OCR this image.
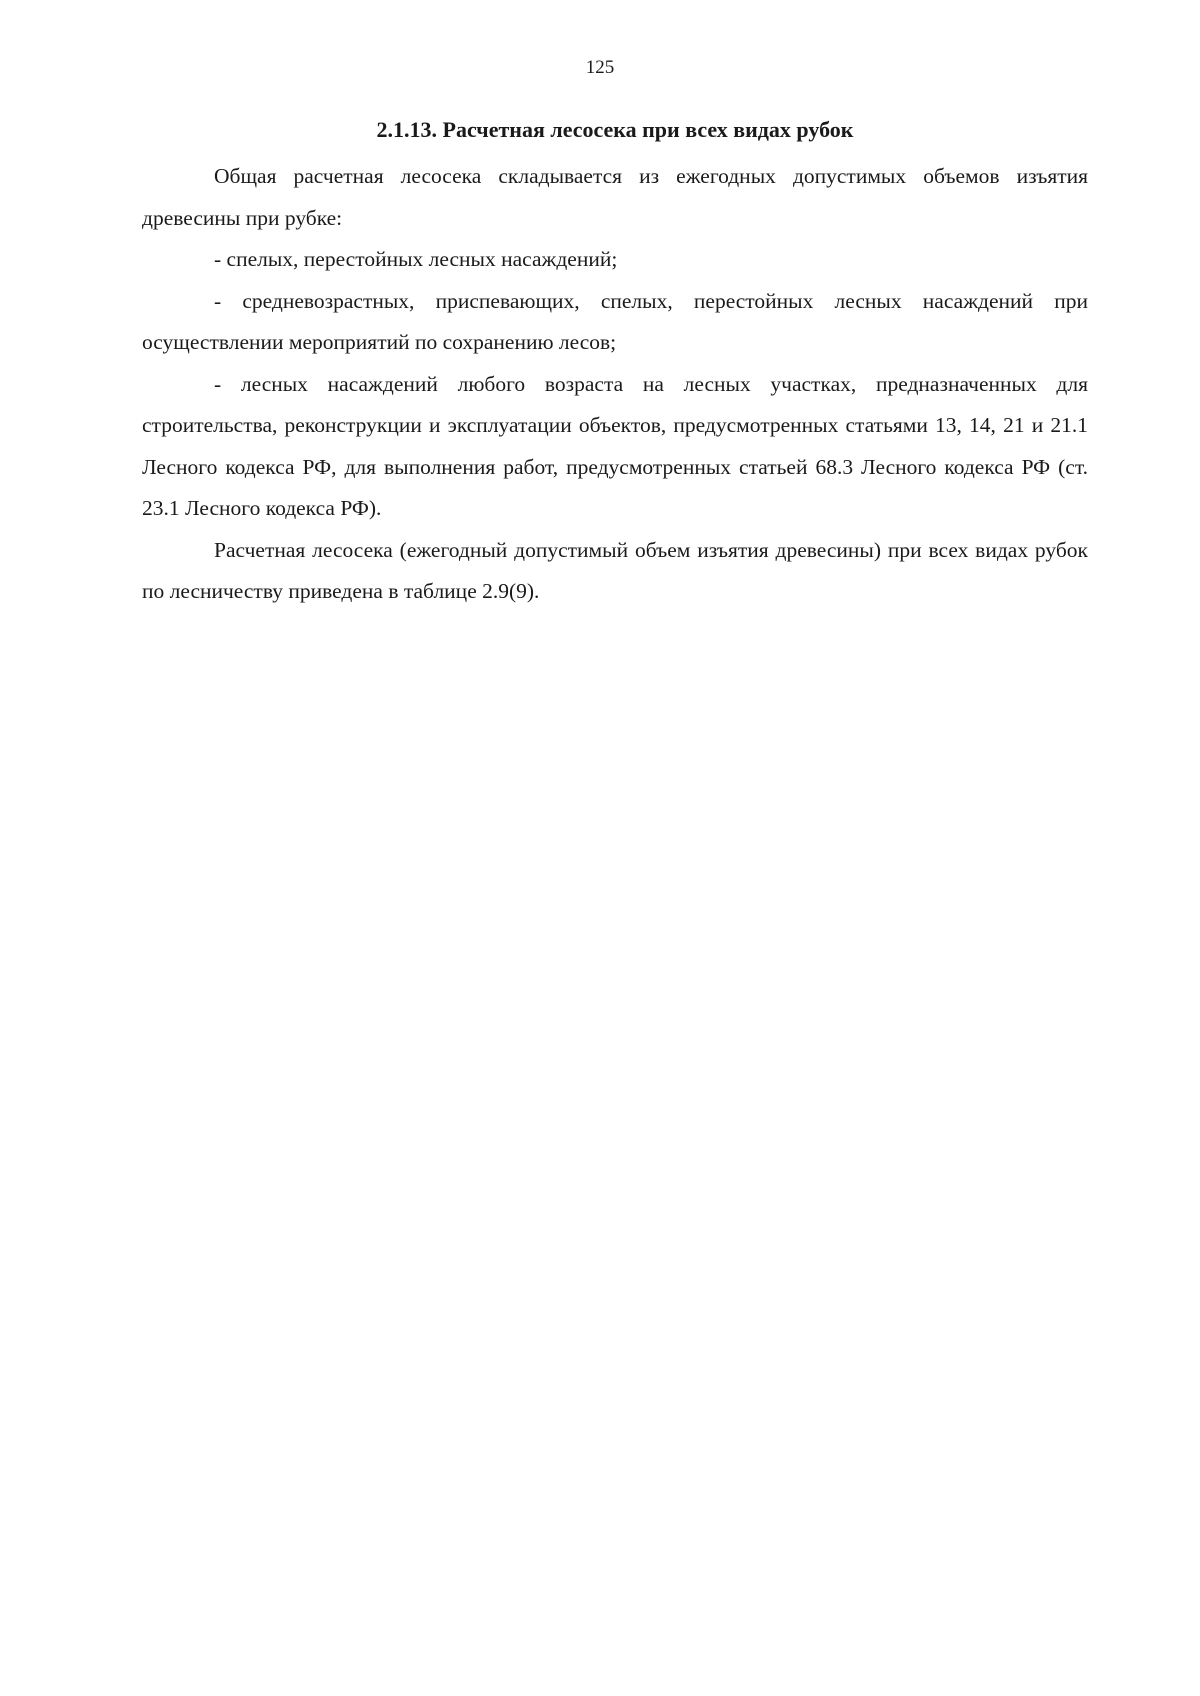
125
2.1.13. Расчетная лесосека при всех видах рубок

Общая расчетная лесосека складывается из ежегодных допустимых объемов изъятия древесины при рубке:

- спелых, перестойных лесных насаждений;

- средневозрастных, приспевающих, спелых, перестойных лесных насаждений при осуществлении мероприятий по сохранению лесов;

- лесных насаждений любого возраста на лесных участках, предназначенных для строительства, реконструкции и эксплуатации объектов, предусмотренных статьями 13, 14, 21 и 21.1 Лесного кодекса РФ, для выполнения работ, предусмотренных статьей 68.3 Лесного кодекса РФ (ст. 23.1 Лесного кодекса РФ).

Расчетная лесосека (ежегодный допустимый объем изъятия древесины) при всех видах рубок по лесничеству приведена в таблице 2.9(9).
